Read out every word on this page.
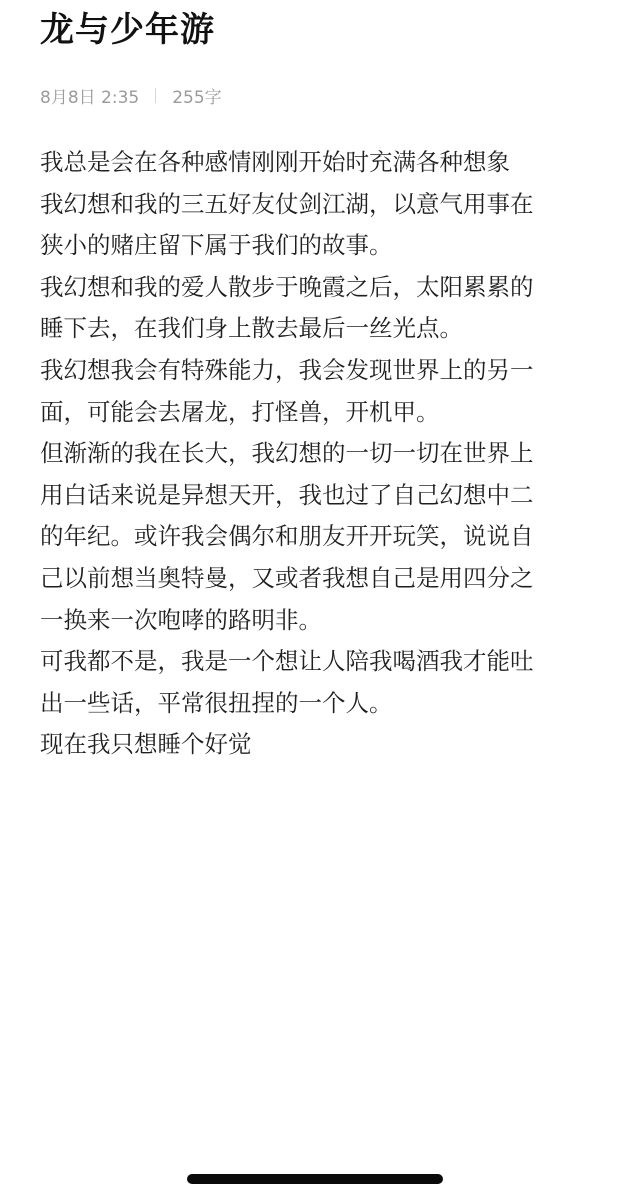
龙与少年游
8月8日 2:35 255字
我总是会在各种感情刚刚开始时充满各种想象
我幻想和我的三五好友仗剑江湖，以意气用事在
狭小的赌庄留下属于我们的故事。
我幻想和我的爱人散步于晚霞之后，太阳累累的
睡下去，在我们身上散去最后一丝光点。
我幻想我会有特殊能力，我会发现世界上的另一
面，可能会去屠龙，打怪兽，开机甲。
但渐渐的我在长大，我幻想的一切一切在世界上
用白话来说是异想天开，我也过了自己幻想中二
的年纪。或许我会偶尔和朋友开开玩笑，说说自
己以前想当奥特曼，又或者我想自己是用四分之
一换来一次咆哮的路明非。
可我都不是，我是一个想让人陪我喝酒我才能吐
出一些话，平常很扭捏的一个人。
现在我只想睡个好觉
